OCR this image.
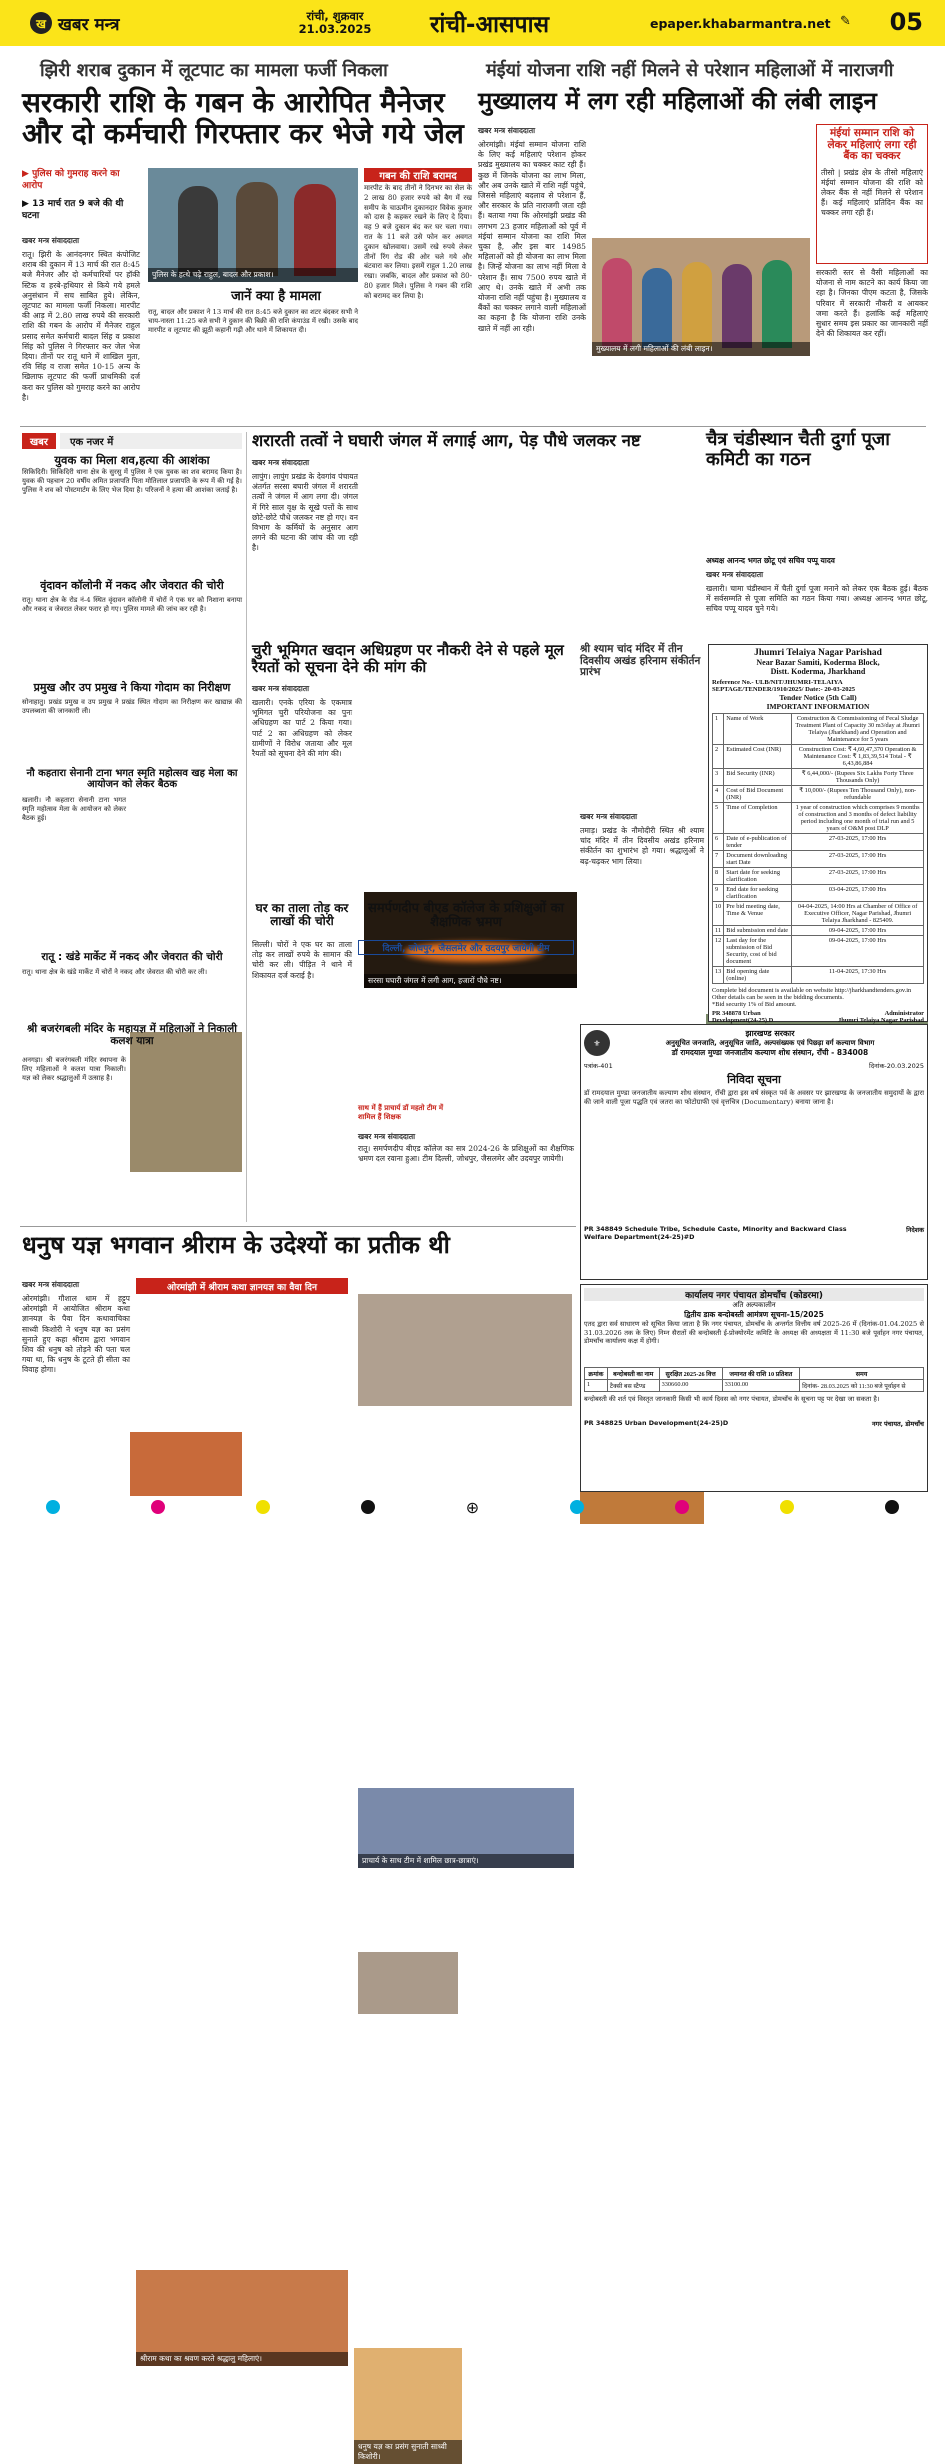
ख खबर मन्त्र	रांची, शुक्रवार
21.03.2025	रांची-आसपास	epaper.khabarmantra.net ✎ 05
झिरी शराब दुकान में लूटपाट का मामला फर्जी निकला
सरकारी राशि के गबन के आरोपित मैनेजर और दो कर्मचारी गिरफ्तार कर भेजे गये जेल
मंईयां योजना राशि नहीं मिलने से परेशान महिलाओं में नाराजगी
मुख्यालय में लग रही महिलाओं की लंबी लाइन
▶ पुलिस को गुमराह करने का आरोप
▶ 13 मार्च रात 9 बजे की थी घटना
खबर मन्त्र संवाददाता
रातू। झिरी के आनंदनगर स्थित कंपोजिट शराब की दुकान में 13 मार्च की रात 8:45 बजे मैनेजर और दो कर्मचारियों पर हॉकी स्टिक व हरबे-हथियार से किये गये हमले अनुसंधान में सच साबित हुये। लेकिन, लूटपाट का मामला फर्जी निकला। मारपीट की आड़ में 2.80 लाख रुपये की सरकारी राशि की गबन के आरोप में मैनेजर राहुल प्रसाद समेत कर्मचारी बादल सिंह व प्रकाश सिंह को पुलिस ने गिरफ्तार कर जेल भेज दिया। तीनों पर रातू थाने में शाखिल मुता, रवि सिंह व राजा समेत 10-15 अन्य के खिलाफ लूटपाट की फर्जी प्राथमिकी दर्ज करा कर पुलिस को गुमराह करने का आरोप है।
पुलिस के हत्थे चढ़े राहुल, बादल और प्रकाश।
जानें क्या है मामला
रातू, बादल और प्रकाश ने 13 मार्च की रात 8:45 बजे दुकान का शटर बंदकर सभी ने चाय-नास्ता 11:25 बजे सभी ने दुकान की बिक्री की राशि कंपाउंड में रखी। उसके बाद मारपीट व लूटपाट की झूठी कहानी गढ़ी और थाने में शिकायत दी।
गबन की राशि बरामद
मारपीट के बाद तीनों ने दिनभर का सेल के 2 लाख 80 हजार रुपये को बैग में रख समीप के चाऊमीन दुकानदार विवेक कुमार को दास है कहकर रखने के लिए दे दिया। वह 9 बजे दुकान बंद कर घर चला गया। रात के 11 बजे उसे फोन कर अवगत दुकान खोलवाया। उसमें रखे रुपये लेकर तीनों रिंग रोड की ओर चले गये और बंटवारा कर लिया। इसमें राहुल 1.20 लाख रखा। जबकि, बादल और प्रकाश को 80-80 हजार मिले। पुलिस ने गबन की राशि को बरामद कर लिया है।
खबर मन्त्र संवाददाता
ओरमांझी। मंईयां सम्मान योजना राशि के लिए कई महिलाएं परेशान होकर प्रखंड मुख्यालय का चक्कर काट रही हैं। कुछ में जिनके योजना का लाभ मिला, और अब उनके खाते में राशि नहीं पहुंचे, जिससे महिलाएं बदलाव से परेशान हैं, और सरकार के प्रति नाराजगी जता रही हैं। बताया गया कि ओरमांझी प्रखंड की लगभग 23 हजार महिलाओं को पूर्व में मंईयां सम्मान योजना का राशि मिल चुका है, और इस बार 14985 महिलाओं को ही योजना का लाभ मिला है। जिन्हें योजना का लाभ नहीं मिला वे परेशान हैं। साथ 7500 रुपय खाते में आए थे। उनके खाते में अभी तक योजना राशि नहीं पहुंचा है। मुख्यालय व बैंकों का चक्कर लगाने वाली महिलाओं का कहना है कि योजना राशि उनके खाते में नहीं आ रही।
मुख्यालय में लगी महिलाओं की लंबी लाइन।
मंईयां सम्मान राशि को लेकर महिलाएं लगा रही बैंक का चक्कर
तीसो | प्रखंड क्षेत्र के तीसो महिलाएं मंईयां सम्मान योजना की राशि को लेकर बैंक से नहीं मिलने से परेशान हैं। कई महिलाएं प्रतिदिन बैंक का चक्कर लगा रही हैं।
सरकारी स्तर से वैसी महिलाओं का योजना से नाम काटने का कार्य किया जा रहा है। जिनका पीएम कटता है, जिसके परिवार में सरकारी नौकरी व आयकर जमा करते हैं। हलांकि कई महिलाएं सुधार समय इस प्रकार का जानकारी नहीं देने की शिकायत कर रहीं।
खबर	एक नजर में
युवक का मिला शव,हत्या की आशंका
सिकिदिरी। सिकिदिरी थाना क्षेत्र के सुरसु में पुलिस ने एक युवक का शव बरामद किया है। युवक की पहचान 20 वर्षीय अमित प्रजापति पिता मोतिलाल प्रजापति के रूप में की गई है। पुलिस ने शव को पोस्टमार्टम के लिए भेज दिया है। परिजनों ने हत्या की आशंका जताई है।
वृंदावन कॉलोनी में नकद और जेवरात की चोरी
रातू। थाना क्षेत्र के रोड नं-4 स्थित वृंदावन कॉलोनी में चोरों ने एक घर को निशाना बनाया और नकद व जेवरात लेकर फरार हो गए। पुलिस मामले की जांच कर रही है।
प्रमुख और उप प्रमुख ने किया गोदाम का निरीक्षण
सोनाहातु। प्रखंड प्रमुख व उप प्रमुख ने प्रखंड स्थित गोदाम का निरीक्षण कर खाद्यान्न की उपलब्धता की जानकारी ली।
नौ कहतारा सेनानी टाना भगत स्मृति महोत्सव खह मेला का आयोजन को लेकर बैठक
खलारी। नौ कहतारा सेनानी टाना भगत स्मृति महोत्सव मेला के आयोजन को लेकर बैठक हुई।
रातू : खंडे मार्केट में नकद और जेवरात की चोरी
रातू। थाना क्षेत्र के खंडे मार्केट में चोरों ने नकद और जेवरात की चोरी कर ली।
श्री बजरंगबली मंदिर के महायज्ञ में महिलाओं ने निकाली कलश यात्रा
अनगड़ा। श्री बजरंगबली मंदिर स्थापना के लिए महिलाओं ने कलश यात्रा निकाली। यज्ञ को लेकर श्रद्धालुओं में उत्साह है।
शरारती तत्वों ने घघारी जंगल में लगाई आग, पेड़ पौधे जलकर नष्ट
खबर मन्त्र संवाददाता
लापुंग। लापुंग प्रखंड के देवगांव पंचायत अंतर्गत सरसा बघारी जंगल में शरारती तत्वों ने जंगल में आग लगा दी। जंगल में गिरे साल वृक्ष के सूखे पत्तों के साथ छोटे-छोटे पौधे जलकर नष्ट हो गए। वन विभाग के कर्मियों के अनुसार आग लगने की घटना की जांच की जा रही है।
सरसा घघारी जंगल में लगी आग, हजारों पौधे नष्ट।
चैत्र चंडीस्थान चैती दुर्गा पूजा कमिटी का गठन
अध्यक्ष आनन्द भगत छोटू एवं सचिव पप्पू यादव
खबर मन्त्र संवाददाता
खलारी। चामा चंडीस्थान में चैती दुर्गा पूजा मनाने को लेकर एक बैठक हुई। बैठक में सर्वसम्मति से पूजा समिति का गठन किया गया। अध्यक्ष आनन्द भगत छोटू, सचिव पप्पू यादव चुने गये।
चुरी भूमिगत खदान अधिग्रहण पर नौकरी देने से पहले मूल रैयतों को सूचना देने की मांग की
खबर मन्त्र संवाददाता
खलारी। एनके एरिया के एकमात्र भूमिगत चुरी परियोजना का पुनः अधिग्रहण का पार्ट 2 किया गया। पार्ट 2 का अधिग्रहण को लेकर ग्रामीणों ने विरोध जताया और मूल रैयतों को सूचना देने की मांग की।
श्री श्याम चांद मंदिर में तीन दिवसीय अखंड हरिनाम संकीर्तन प्रारंभ
खबर मन्त्र संवाददाता
तमाड़। प्रखंड के नौमोदीरी स्थित श्री श्याम चांद मंदिर में तीन दिवसीय अखंड हरिनाम संकीर्तन का शुभारंभ हो गया। श्रद्धालुओं ने बढ़-चढ़कर भाग लिया।
Jhumri Telaiya Nagar Parishad
Near Bazar Samiti, Koderma Block,
Distt. Koderma, Jharkhand
Reference No.- ULB/NIT/JHUMRI-TELAIYA SEPTAGE/TENDER/1910/2025/ Date:- 20-03-2025
Tender Notice (5th Call)
IMPORTANT INFORMATION
1	Name of Work	Construction & Commissioning of Fecal Sludge Treatment Plant of Capacity 30 m3/day at Jhumri Telaiya (Jharkhand) and Operation and Maintenance for 5 years
2	Estimated Cost (INR)	Construction Cost: ₹ 4,60,47,370 Operation & Maintenance Cost: ₹ 1,83,39,514 Total - ₹ 6,43,86,884
3	Bid Security (INR)	₹ 6,44,000/- (Rupees Six Lakhs Forty Three Thousands Only)
4	Cost of Bid Document (INR)	₹ 10,000/- (Rupees Ten Thousand Only), non-refundable
5	Time of Completion	1 year of construction which comprises 9 months of construction and 3 months of defect liability period including one month of trial run and 5 years of O&M post DLP
6	Date of e-publication of tender	27-03-2025, 17:00 Hrs
7	Document downloading start Date	27-03-2025, 17:00 Hrs
8	Start date for seeking clarification	27-03-2025, 17:00 Hrs
9	End date for seeking clarification	03-04-2025, 17:00 Hrs
10	Pre bid meeting date, Time & Venue	04-04-2025, 14:00 Hrs at Chamber of Office of Executive Officer, Nagar Parishad, Jhumri Telaiya Jharkhand - 825409.
11	Bid submission end date	09-04-2025, 17:00 Hrs
12	Last day for the submission of Bid Security, cost of bid document	09-04-2025, 17:00 Hrs
13	Bid opening date (online)	11-04-2025, 17:30 Hrs
Complete bid document is available on website http://jharkhandtenders.gov.in Other details can be seen in the bidding documents.
*Bid security 1% of Bid amount.
PR 348878 Urban Development(24-25).D
Administrator
Jhumri Telaiya Nagar Parishad
घर का ताला तोड़ कर लाखों की चोरी
सिल्ली। चोरों ने एक घर का ताला तोड़ कर लाखों रुपये के सामान की चोरी कर ली। पीड़ित ने थाने में शिकायत दर्ज कराई है।
समर्पणदीप बीएड कॉलेज के प्रशिक्षुओं का शैक्षणिक भ्रमण
दिल्ली, जोधपुर, जैसलमेर और उदयपुर जायेगी टीम
प्राचार्य के साथ टीम में शामिल छात्र-छात्राएं।
साथ में हैं प्राचार्य डॉ महतो टीम में शामिल हैं शिक्षक
खबर मन्त्र संवाददाता
रातू। समर्पणदीप बीएड कॉलेज का सत्र 2024-26 के प्रशिक्षुओं का शैक्षणिक भ्रमण दल रवाना हुआ। टीम दिल्ली, जोधपुर, जैसलमेर और उदयपुर जायेगी।
⚜
झारखण्ड सरकार
अनुसूचित जनजाति, अनुसूचित जाति, अल्पसंख्यक एवं पिछड़ा वर्ग कल्याण विभाग
डॉ रामदयाल मुण्डा जनजातीय कल्याण शोध संस्थान, राँची - 834008
पत्रांक-401	दिनांक-20.03.2025
निविदा सूचना
डॉ रामदयाल मुण्डा जनजातीय कल्याण शोध संस्थान, राँची द्वारा इस वर्ष संस्कृत पर्व के अवसर पर झारखण्ड के जनजातीय समुदायों के द्वारा की जाने वाली पूजा पद्धति एवं जतरा का फोटोग्राफी एवं वृत्तचित्र (Documentary) बनाया जाना है।
PR 348849 Schedule Tribe, Schedule Caste, Minority and Backward Class Welfare Department(24-25)#D
निदेशक
धनुष यज्ञ भगवान श्रीराम के उदेश्यों का प्रतीक थी
खबर मन्त्र संवाददाता
ओरमांझी। गौशाल धाम में हट्टूप ओरमांझी में आयोजित श्रीराम कथा ज्ञानयज्ञ के पैवा दिन कथावाचिका साध्वी किशोरी ने धनुष यज्ञ का प्रसंग सुनाते हुए कहा श्रीराम द्वारा भगवान शिव की धनुष को तोड़ने की पता चल गया था, कि धनुष के टूटते ही सीता का विवाह होगा।
ओरमांझी में श्रीराम कथा ज्ञानयज्ञ का वैवा दिन
श्रीराम कथा का श्रवण करते श्रद्धालु महिलाएं।
धनुष यज्ञ का प्रसंग सुनाती साध्वी किशोरी।
कार्यालय नगर पंचायत डोमचाँच (कोडरमा)
अति अल्पकालीन
द्वितीय डाक बन्दोबस्ती आमंत्रण सूचना-15/2025
एतद द्वारा सर्व साधारण को सूचित किया जाता है कि नगर पंचायत, डोमचाँच के अन्तर्गत वित्तीय वर्ष 2025-26 में (दिनांक-01.04.2025 से 31.03.2026 तक के लिए) निम्न सैरातों की बन्दोबस्ती ई-प्रोक्योरमेंट कमिटि के अध्यक्ष की अध्यक्षता में 11:30 बजे पूर्वाहन नगर पंचायत, डोमचाँच कार्यालय कक्ष में होगी।
क्रमांक	बन्दोबस्ती का नाम	सुरक्षित 2025-26 वित्त	जमानत की राशि 10 प्रतिशत	समय
1	टैक्सी बस स्टैण्ड	330660.00	33100.00	दिनांक- 28.03.2025 को 11:30 बजे पूर्वाहन से
बन्दोबस्ती की शर्त एवं विस्तृत जानकारी किसी भी कार्य दिवस को नगर पंचायत, डोमचाँच के सूचना पट्ट पर देखा जा सकता है।
PR 348825 Urban Development(24-25)D	नगर पंचायत, डोमचाँच
⊕
